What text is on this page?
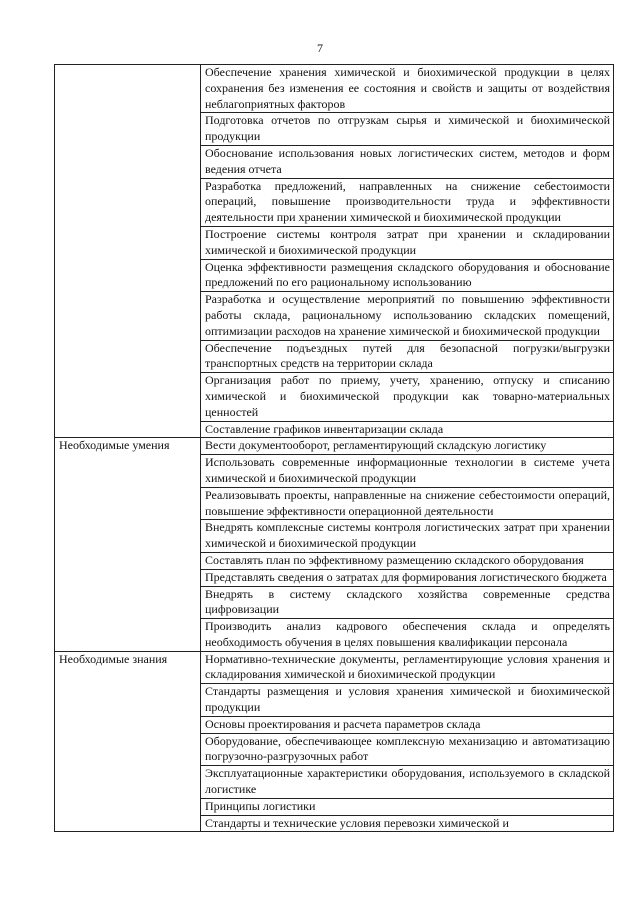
7
	Обеспечение хранения химической и биохимической продукции в целях сохранения без изменения ее состояния и свойств и защиты от воздействия неблагоприятных факторов
	Подготовка отчетов по отгрузкам сырья и химической и биохимической продукции
	Обоснование использования новых логистических систем, методов и форм ведения отчета
	Разработка предложений, направленных на снижение себестоимости операций, повышение производительности труда и эффективности деятельности при хранении химической и биохимической продукции
	Построение системы контроля затрат при хранении и складировании химической и биохимической продукции
	Оценка эффективности размещения складского оборудования и обоснование предложений по его рациональному использованию
	Разработка и осуществление мероприятий по повышению эффективности работы склада, рациональному использованию складских помещений, оптимизации расходов на хранение химической и биохимической продукции
	Обеспечение подъездных путей для безопасной погрузки/выгрузки транспортных средств на территории склада
	Организация работ по приему, учету, хранению, отпуску и списанию химической и биохимической продукции как товарно-материальных ценностей
	Составление графиков инвентаризации склада
Необходимые умения	Вести документооборот, регламентирующий складскую логистику
	Использовать современные информационные технологии в системе учета химической и биохимической продукции
	Реализовывать проекты, направленные на снижение себестоимости операций, повышение эффективности операционной деятельности
	Внедрять комплексные системы контроля логистических затрат при хранении химической и биохимической продукции
	Составлять план по эффективному размещению складского оборудования
	Представлять сведения о затратах для формирования логистического бюджета
	Внедрять в систему складского хозяйства современные средства цифровизации
	Производить анализ кадрового обеспечения склада и определять необходимость обучения в целях повышения квалификации персонала
Необходимые знания	Нормативно-технические документы, регламентирующие условия хранения и складирования химической и биохимической продукции
	Стандарты размещения и условия хранения химической и биохимической продукции
	Основы проектирования и расчета параметров склада
	Оборудование, обеспечивающее комплексную механизацию и автоматизацию погрузочно-разгрузочных работ
	Эксплуатационные характеристики оборудования, используемого в складской логистике
	Принципы логистики
	Стандарты и технические условия перевозки химической и
